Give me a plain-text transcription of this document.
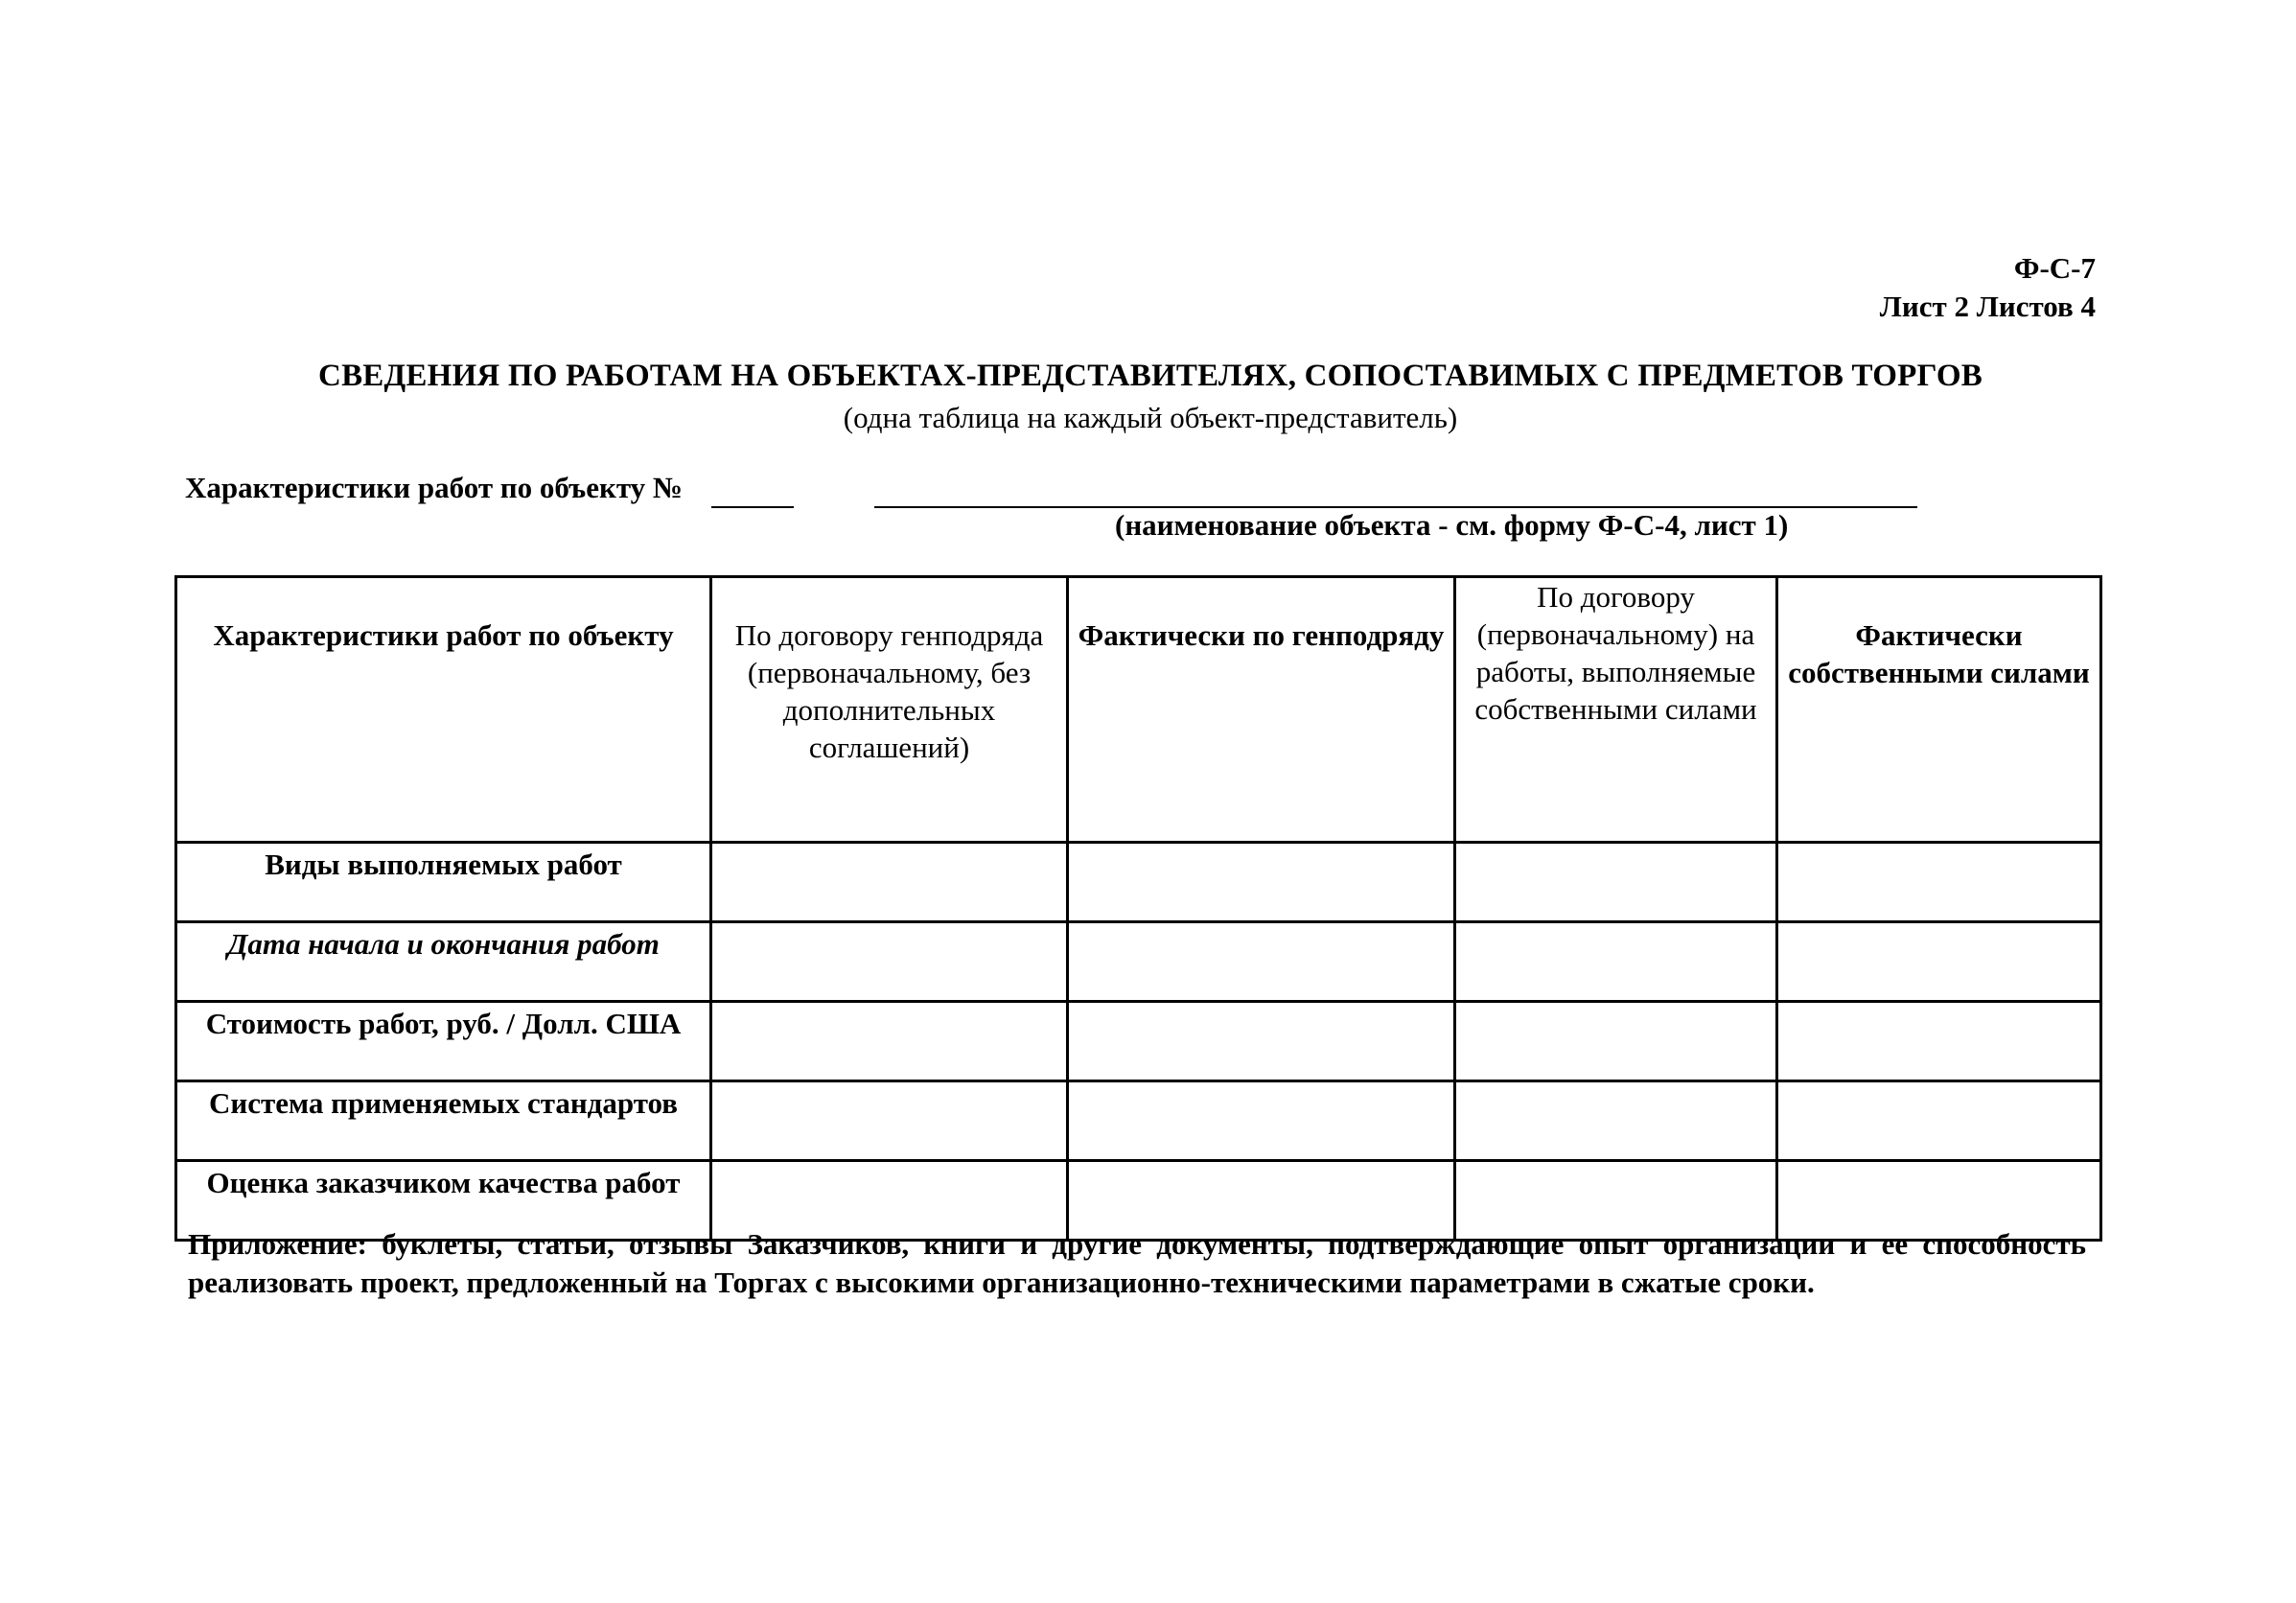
Ф-С-7
Лист 2 Листов 4
СВЕДЕНИЯ ПО РАБОТАМ НА ОБЪЕКТАХ-ПРЕДСТАВИТЕЛЯХ, СОПОСТАВИМЫХ С ПРЕДМЕТОВ ТОРГОВ
(одна таблица на каждый объект-представитель)
Характеристики работ по объекту №
(наименование объекта - см. форму Ф-С-4, лист 1)
Характеристики работ по объекту	По договору генподряда (первоначальному, без дополнительных соглашений)	Фактически по генподряду	По договору (первоначальному) на работы, выполняемые собственными силами	Фактически собственными силами
Виды выполняемых работ				
Дата начала и окончания работ				
Стоимость работ, руб. / Долл. США				
Система применяемых стандартов				
Оценка заказчиком качества работ				
Приложение: буклеты, статьи, отзывы Заказчиков, книги и другие документы, подтверждающие опыт организации и ее способность реализовать проект, предложенный на Торгах с высокими организационно-техническими параметрами в сжатые сроки.
